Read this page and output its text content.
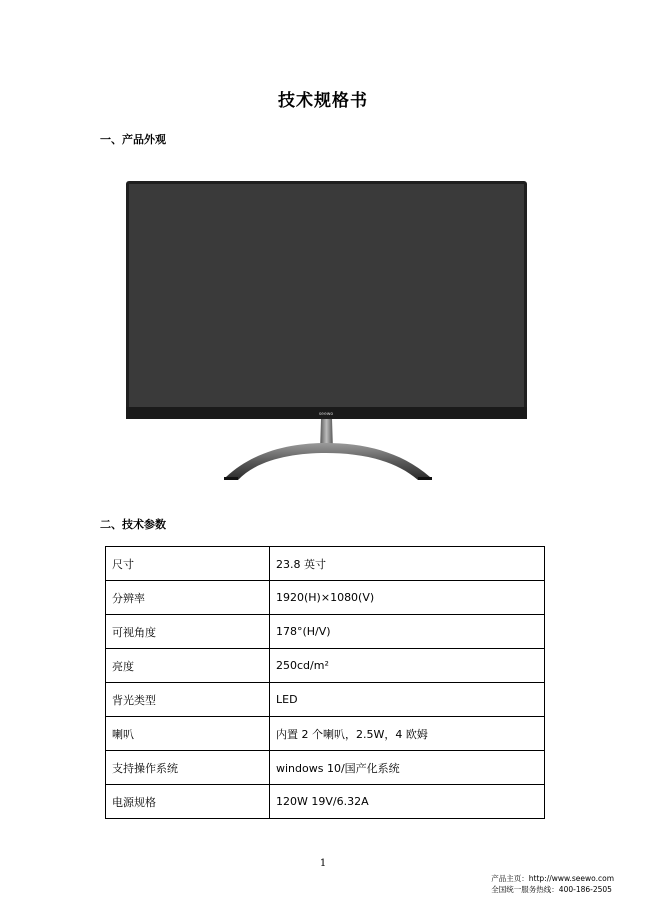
技术规格书
一、产品外观
seewo
二、技术参数
尺寸	23.8 英寸
分辨率	1920(H)×1080(V)
可视角度	178°(H/V)
亮度	250cd/m²
背光类型	LED
喇叭	内置 2 个喇叭，2.5W，4 欧姆
支持操作系统	windows 10/国产化系统
电源规格	120W 19V/6.32A
1
产品主页：http://www.seewo.com
全国统一服务热线：400-186-2505
